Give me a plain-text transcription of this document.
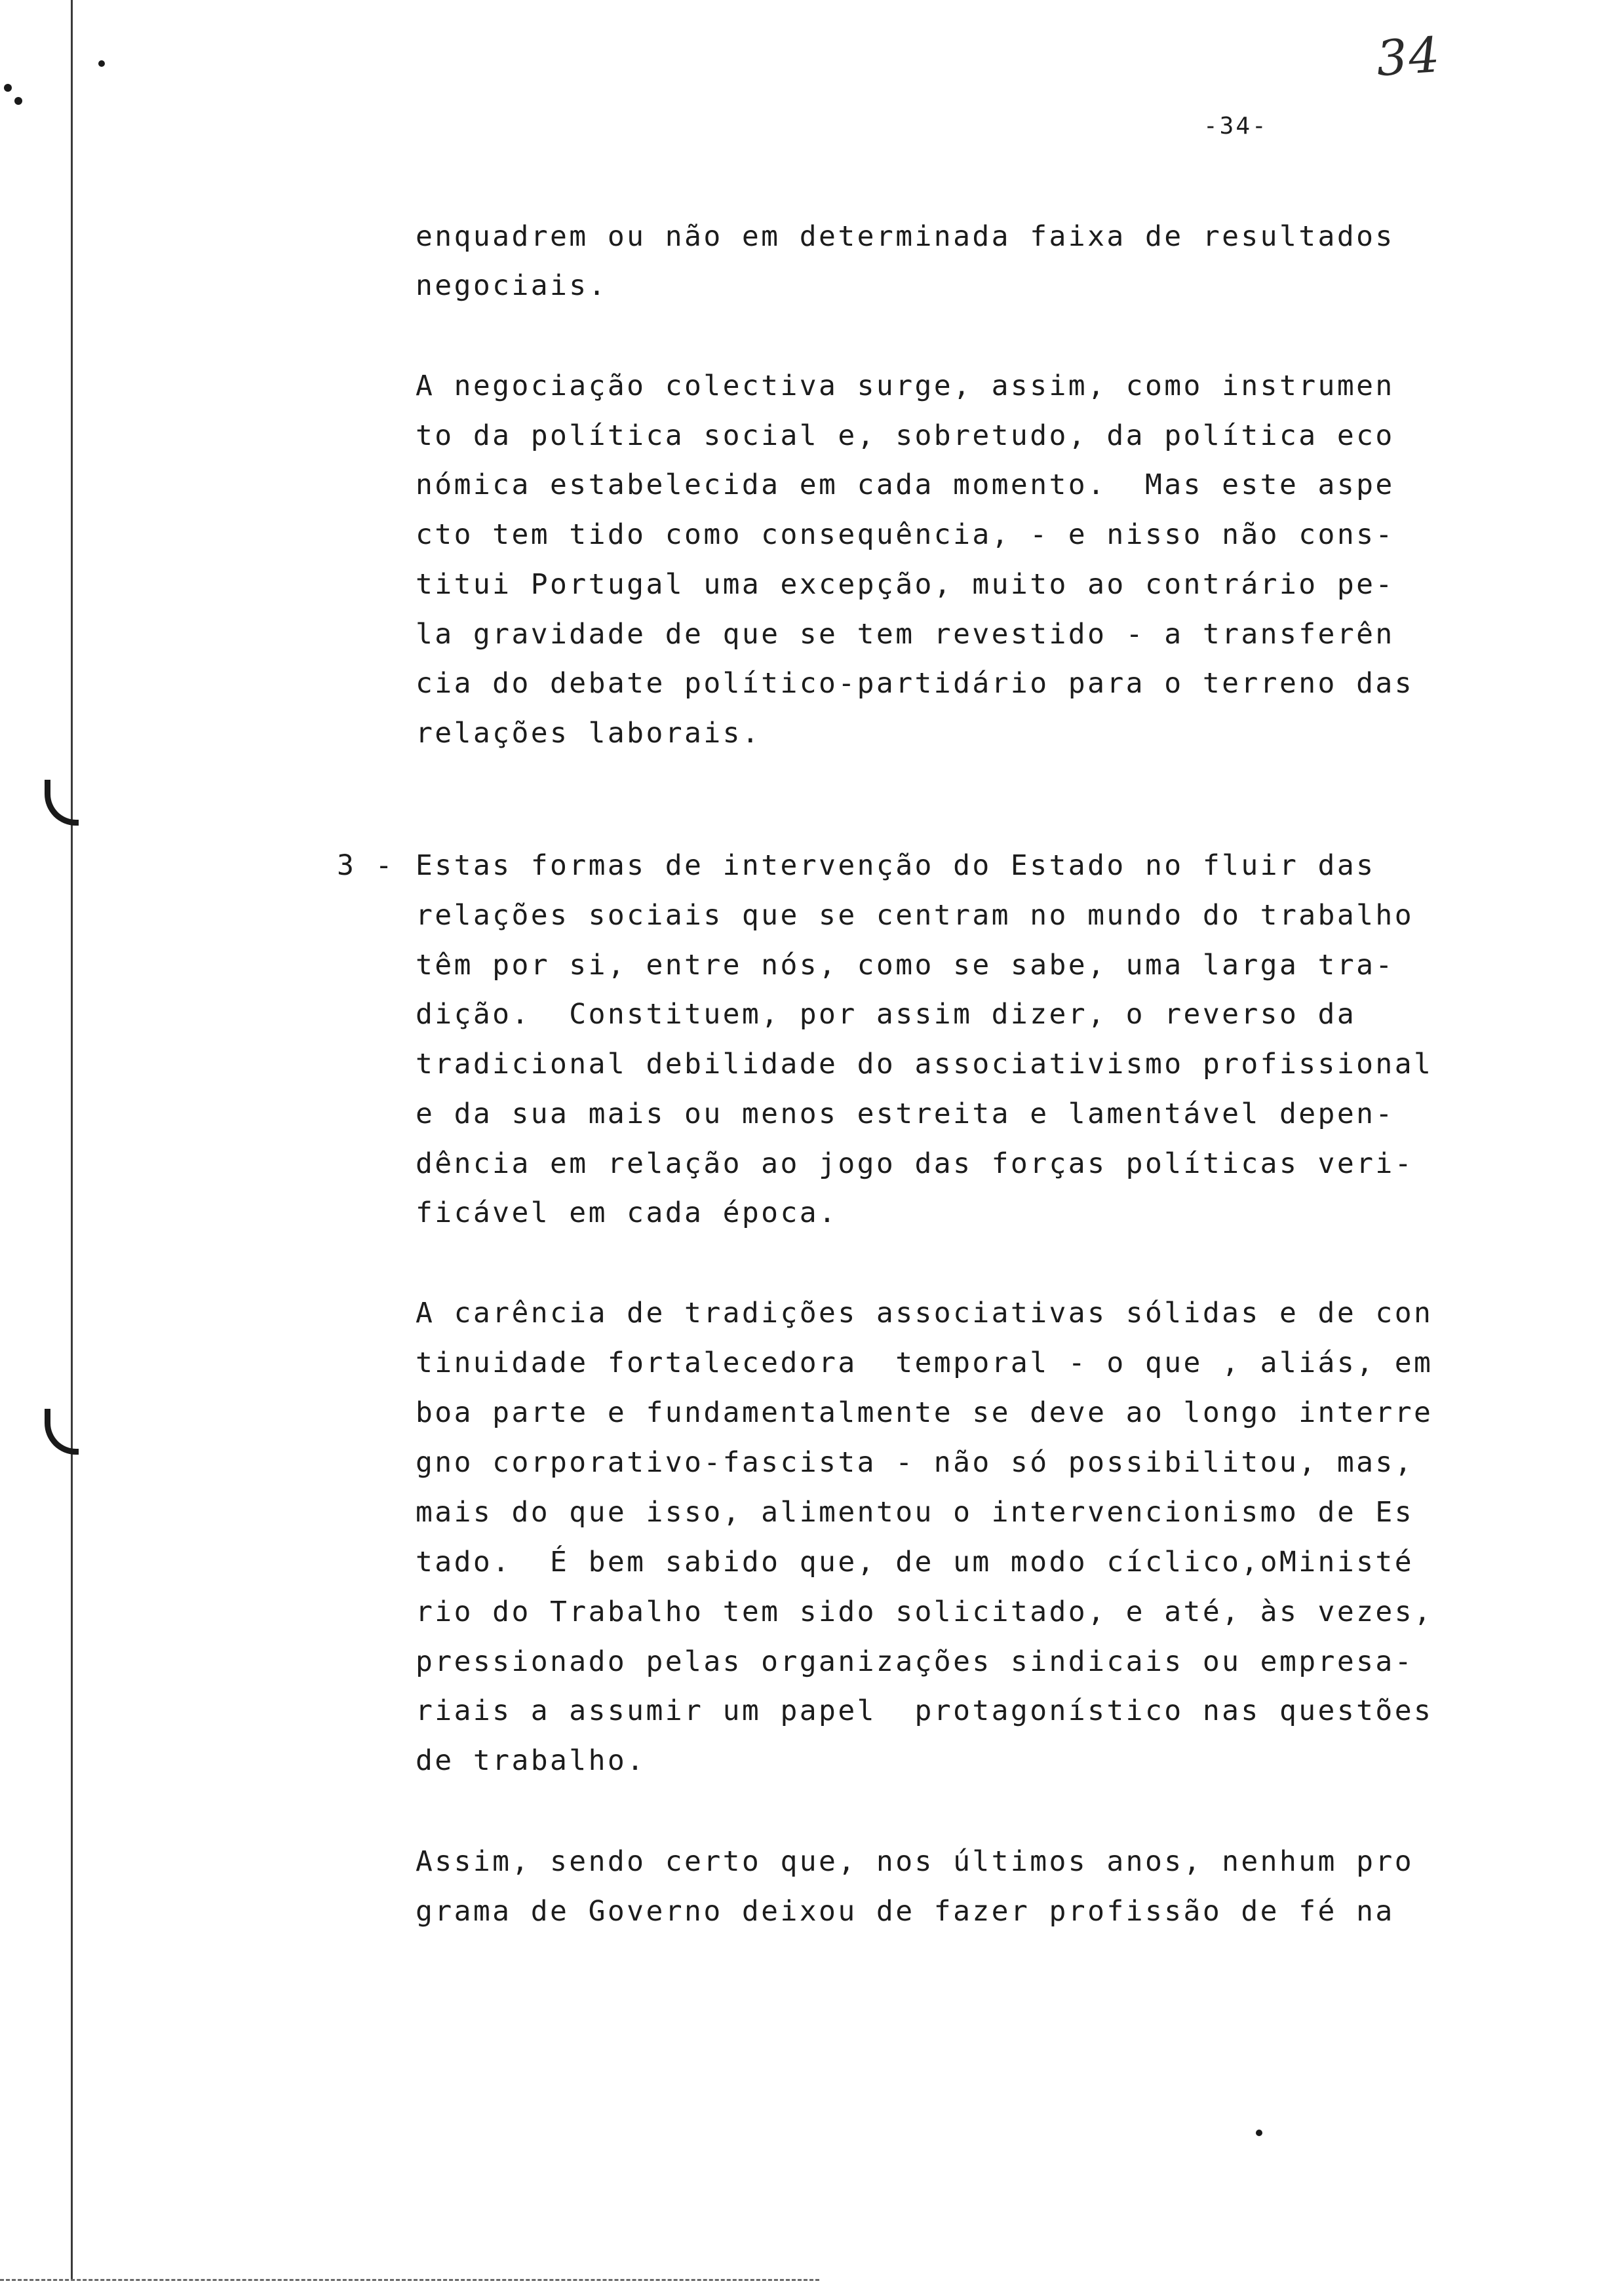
34
-34-
enquadrem ou não em determinada faixa de resultados
negociais.
A negociação colectiva surge, assim, como instrumen
to da política social e, sobretudo, da política eco
nómica estabelecida em cada momento.  Mas este aspe
cto tem tido como consequência, - e nisso não cons-
titui Portugal uma excepção, muito ao contrário pe-
la gravidade de que se tem revestido - a transferên
cia do debate político-partidário para o terreno das
relações laborais.
3 - Estas formas de intervenção do Estado no fluir das
relações sociais que se centram no mundo do trabalho
têm por si, entre nós, como se sabe, uma larga tra-
dição.  Constituem, por assim dizer, o reverso da
tradicional debilidade do associativismo profissional
e da sua mais ou menos estreita e lamentável depen-
dência em relação ao jogo das forças políticas veri-
ficável em cada época.
A carência de tradições associativas sólidas e de con
tinuidade fortalecedora  temporal - o que , aliás, em
boa parte e fundamentalmente se deve ao longo interre
gno corporativo-fascista - não só possibilitou, mas,
mais do que isso, alimentou o intervencionismo de Es
tado.  É bem sabido que, de um modo cíclico,oMinisté
rio do Trabalho tem sido solicitado, e até, às vezes,
pressionado pelas organizações sindicais ou empresa-
riais a assumir um papel  protagonístico nas questões
de trabalho.
Assim, sendo certo que, nos últimos anos, nenhum pro
grama de Governo deixou de fazer profissão de fé na
